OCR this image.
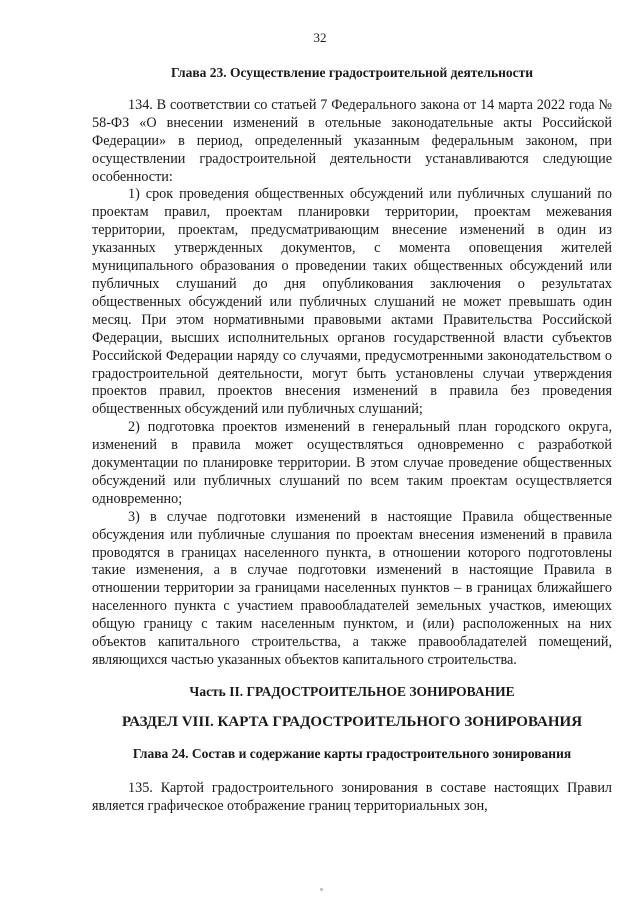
32
Глава 23. Осуществление градостроительной деятельности

134. В соответствии со статьей 7 Федерального закона от 14 марта 2022 года № 58-ФЗ «О внесении изменений в отельные законодательные акты Российской Федерации» в период, определенный указанным федеральным законом, при осуществлении градостроительной деятельности устанавливаются следующие особенности:

1) срок проведения общественных обсуждений или публичных слушаний по проектам правил, проектам планировки территории, проектам межевания территории, проектам, предусматривающим внесение изменений в один из указанных утвержденных документов, с момента оповещения жителей муниципального образования о проведении таких общественных обсуждений или публичных слушаний до дня опубликования заключения о результатах общественных обсуждений или публичных слушаний не может превышать один месяц. При этом нормативными правовыми актами Правительства Российской Федерации, высших исполнительных органов государственной власти субъектов Российской Федерации наряду со случаями, предусмотренными законодательством о градостроительной деятельности, могут быть установлены случаи утверждения проектов правил, проектов внесения изменений в правила без проведения общественных обсуждений или публичных слушаний;

2) подготовка проектов изменений в генеральный план городского округа, изменений в правила может осуществляться одновременно с разработкой документации по планировке территории. В этом случае проведение общественных обсуждений или публичных слушаний по всем таким проектам осуществляется одновременно;

3) в случае подготовки изменений в настоящие Правила общественные обсуждения или публичные слушания по проектам внесения изменений в правила проводятся в границах населенного пункта, в отношении которого подготовлены такие изменения, а в случае подготовки изменений в настоящие Правила в отношении территории за границами населенных пунктов – в границах ближайшего населенного пункта с участием правообладателей земельных участков, имеющих общую границу с таким населенным пунктом, и (или) расположенных на них объектов капитального строительства, а также правообладателей помещений, являющихся частью указанных объектов капитального строительства.

Часть II. ГРАДОСТРОИТЕЛЬНОЕ ЗОНИРОВАНИЕ
РАЗДЕЛ VIII. КАРТА ГРАДОСТРОИТЕЛЬНОГО ЗОНИРОВАНИЯ
Глава 24. Состав и содержание карты градостроительного зонирования

135. Картой градостроительного зонирования в составе настоящих Правил является графическое отображение границ территориальных зон,
